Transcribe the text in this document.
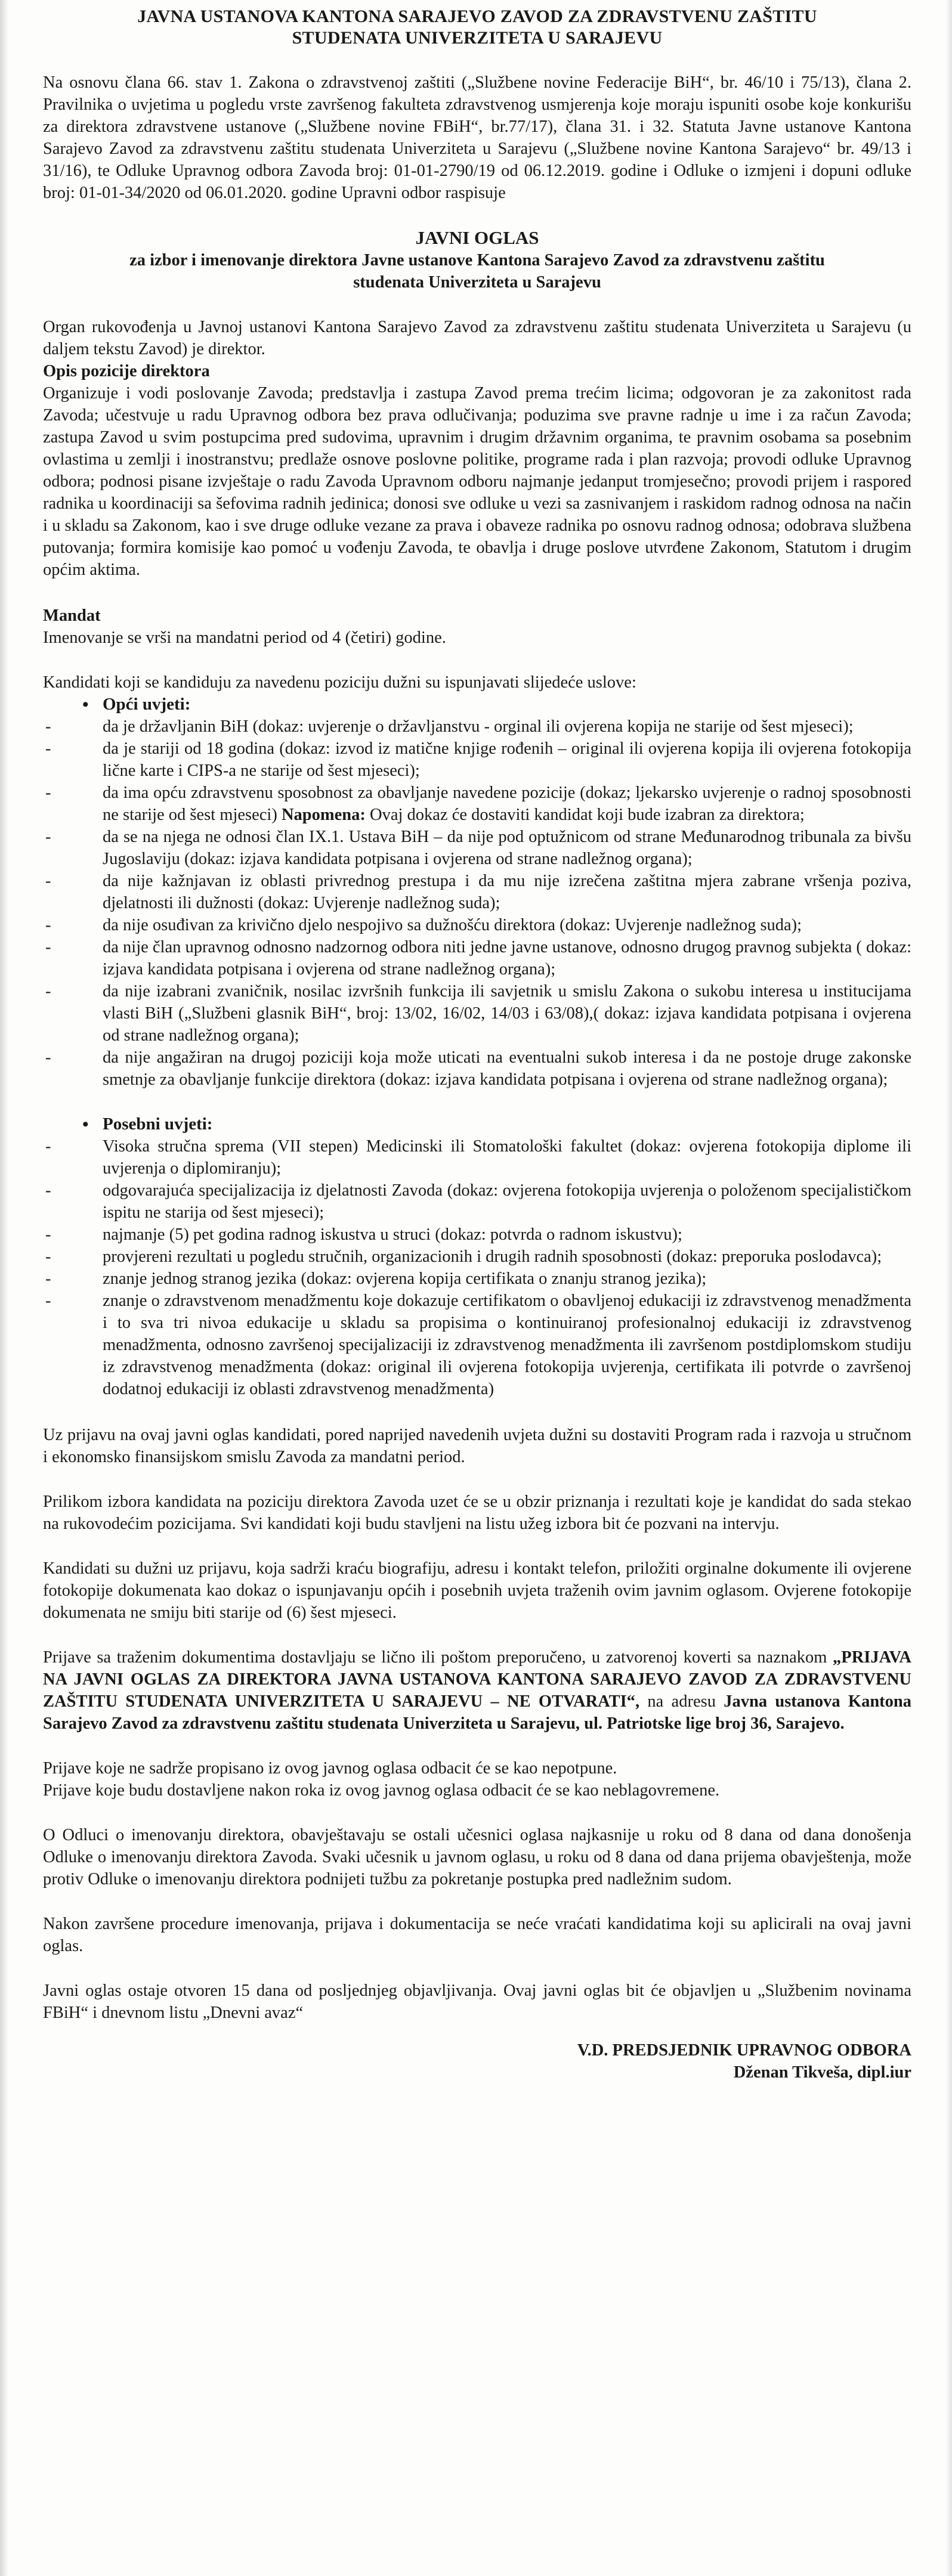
JAVNA USTANOVA KANTONA SARAJEVO ZAVOD ZA ZDRAVSTVENU ZAŠTITU
STUDENATA UNIVERZITETA U SARAJEVU

Na osnovu člana 66. stav 1. Zakona o zdravstvenoj zaštiti („Službene novine Federacije BiH“, br. 46/10 i 75/13), člana 2. Pravilnika o uvjetima u pogledu vrste završenog fakulteta zdravstvenog usmjerenja koje moraju ispuniti osobe koje konkurišu za direktora zdravstvene ustanove („Službene novine FBiH“, br.77/17), člana 31. i 32. Statuta Javne ustanove Kantona Sarajevo Zavod za zdravstvenu zaštitu studenata Univerziteta u Sarajevu („Službene novine Kantona Sarajevo“ br. 49/13 i 31/16), te Odluke Upravnog odbora Zavoda broj: 01-01-2790/19 od 06.12.2019. godine i Odluke o izmjeni i dopuni odluke broj: 01-01-34/2020 od 06.01.2020. godine Upravni odbor raspisuje

JAVNI OGLAS
za izbor i imenovanje direktora Javne ustanove Kantona Sarajevo Zavod za zdravstvenu zaštitu
studenata Univerziteta u Sarajevu

Organ rukovođenja u Javnoj ustanovi Kantona Sarajevo Zavod za zdravstvenu zaštitu studenata Univerziteta u Sarajevu (u daljem tekstu Zavod) je direktor.

Opis pozicije direktora

Organizuje i vodi poslovanje Zavoda; predstavlja i zastupa Zavod prema trećim licima; odgovoran je za zakonitost rada Zavoda; učestvuje u radu Upravnog odbora bez prava odlučivanja; poduzima sve pravne radnje u ime i za račun Zavoda; zastupa Zavod u svim postupcima pred sudovima, upravnim i drugim državnim organima, te pravnim osobama sa posebnim ovlastima u zemlji i inostranstvu; predlaže osnove poslovne politike, programe rada i plan razvoja; provodi odluke Upravnog odbora; podnosi pisane izvještaje o radu Zavoda Upravnom odboru najmanje jedanput tromjesečno; provodi prijem i raspored radnika u koordinaciji sa šefovima radnih jedinica; donosi sve odluke u vezi sa zasnivanjem i raskidom radnog odnosa na način i u skladu sa Zakonom, kao i sve druge odluke vezane za prava i obaveze radnika po osnovu radnog odnosa; odobrava službena putovanja; formira komisije kao pomoć u vođenju Zavoda, te obavlja i druge poslove utvrđene Zakonom, Statutom i drugim općim aktima.

Mandat

Imenovanje se vrši na mandatni period od 4 (četiri) godine.

Kandidati koji se kandiduju za navedenu poziciju dužni su ispunjavati slijedeće uslove:

• Opći uvjeti:
-	da je državljanin BiH (dokaz: uvjerenje o državljanstvu - orginal ili ovjerena kopija ne starije od šest mjeseci);
-	da je stariji od 18 godina (dokaz: izvod iz matične knjige rođenih – original ili ovjerena kopija ili ovjerena fotokopija lične karte i CIPS-a ne starije od šest mjeseci);
-	da ima opću zdravstvenu sposobnost za obavljanje navedene pozicije (dokaz; ljekarsko uvjerenje o radnoj sposobnosti ne starije od šest mjeseci) Napomena: Ovaj dokaz će dostaviti kandidat koji bude izabran za direktora;
-	da se na njega ne odnosi član IX.1. Ustava BiH – da nije pod optužnicom od strane Međunarodnog tribunala za bivšu Jugoslaviju (dokaz: izjava kandidata potpisana i ovjerena od strane nadležnog organa);
-	da nije kažnjavan iz oblasti privrednog prestupa i da mu nije izrečena zaštitna mjera zabrane vršenja poziva, djelatnosti ili dužnosti (dokaz: Uvjerenje nadležnog suda);
-	da nije osuđivan za krivično djelo nespojivo sa dužnošću direktora (dokaz: Uvjerenje nadležnog suda);
-	da nije član upravnog odnosno nadzornog odbora niti jedne javne ustanove, odnosno drugog pravnog subjekta ( dokaz: izjava kandidata potpisana i ovjerena od strane nadležnog organa);
-	da nije izabrani zvaničnik, nosilac izvršnih funkcija ili savjetnik u smislu Zakona o sukobu interesa u institucijama vlasti BiH („Službeni glasnik BiH“, broj: 13/02, 16/02, 14/03 i 63/08),( dokaz: izjava kandidata potpisana i ovjerena od strane nadležnog organa);
-	da nije angažiran na drugoj poziciji koja može uticati na eventualni sukob interesa i da ne postoje druge zakonske smetnje za obavljanje funkcije direktora (dokaz: izjava kandidata potpisana i ovjerena od strane nadležnog organa);
• Posebni uvjeti:
-	Visoka stručna sprema (VII stepen) Medicinski ili Stomatološki fakultet (dokaz: ovjerena fotokopija diplome ili uvjerenja o diplomiranju);
-	odgovarajuća specijalizacija iz djelatnosti Zavoda (dokaz: ovjerena fotokopija uvjerenja o položenom specijalističkom ispitu ne starija od šest mjeseci);
-	najmanje (5) pet godina radnog iskustva u struci (dokaz: potvrda o radnom iskustvu);
-	provjereni rezultati u pogledu stručnih, organizacionih i drugih radnih sposobnosti (dokaz: preporuka poslodavca);
-	znanje jednog stranog jezika (dokaz: ovjerena kopija certifikata o znanju stranog jezika);
-	znanje o zdravstvenom menadžmentu koje dokazuje certifikatom o obavljenoj edukaciji iz zdravstvenog menadžmenta i to sva tri nivoa edukacije u skladu sa propisima o kontinuiranoj profesionalnoj edukaciji iz zdravstvenog menadžmenta, odnosno završenoj specijalizaciji iz zdravstvenog menadžmenta ili završenom postdiplomskom studiju iz zdravstvenog menadžmenta (dokaz: original ili ovjerena fotokopija uvjerenja, certifikata ili potvrde o završenoj dodatnoj edukaciji iz oblasti zdravstvenog menadžmenta)

Uz prijavu na ovaj javni oglas kandidati, pored naprijed navedenih uvjeta dužni su dostaviti Program rada i razvoja u stručnom i ekonomsko finansijskom smislu Zavoda za mandatni period.

Prilikom izbora kandidata na poziciju direktora Zavoda uzet će se u obzir priznanja i rezultati koje je kandidat do sada stekao na rukovodećim pozicijama. Svi kandidati koji budu stavljeni na listu užeg izbora bit će pozvani na intervju.

Kandidati su dužni uz prijavu, koja sadrži kraću biografiju, adresu i kontakt telefon, priložiti orginalne dokumente ili ovjerene fotokopije dokumenata kao dokaz o ispunjavanju općih i posebnih uvjeta traženih ovim javnim oglasom. Ovjerene fotokopije dokumenata ne smiju biti starije od (6) šest mjeseci.

Prijave sa traženim dokumentima dostavljaju se lično ili poštom preporučeno, u zatvorenoj koverti sa naznakom „PRIJAVA NA JAVNI OGLAS ZA DIREKTORA JAVNA USTANOVA KANTONA SARAJEVO ZAVOD ZA ZDRAVSTVENU ZAŠTITU STUDENATA UNIVERZITETA U SARAJEVU – NE OTVARATI“, na adresu Javna ustanova Kantona Sarajevo Zavod za zdravstvenu zaštitu studenata Univerziteta u Sarajevu, ul. Patriotske lige broj 36, Sarajevo.

Prijave koje ne sadrže propisano iz ovog javnog oglasa odbacit će se kao nepotpune.

Prijave koje budu dostavljene nakon roka iz ovog javnog oglasa odbacit će se kao neblagovremene.

O Odluci o imenovanju direktora, obavještavaju se ostali učesnici oglasa najkasnije u roku od 8 dana od dana donošenja Odluke o imenovanju direktora Zavoda. Svaki učesnik u javnom oglasu, u roku od 8 dana od dana prijema obavještenja, može protiv Odluke o imenovanju direktora podnijeti tužbu za pokretanje postupka pred nadležnim sudom.

Nakon završene procedure imenovanja, prijava i dokumentacija se neće vraćati kandidatima koji su aplicirali na ovaj javni oglas.

Javni oglas ostaje otvoren 15 dana od posljednjeg objavljivanja. Ovaj javni oglas bit će objavljen u „Službenim novinama FBiH“ i dnevnom listu „Dnevni avaz“

V.D. PREDSJEDNIK UPRAVNOG ODBORA
Dženan Tikveša, dipl.iur
